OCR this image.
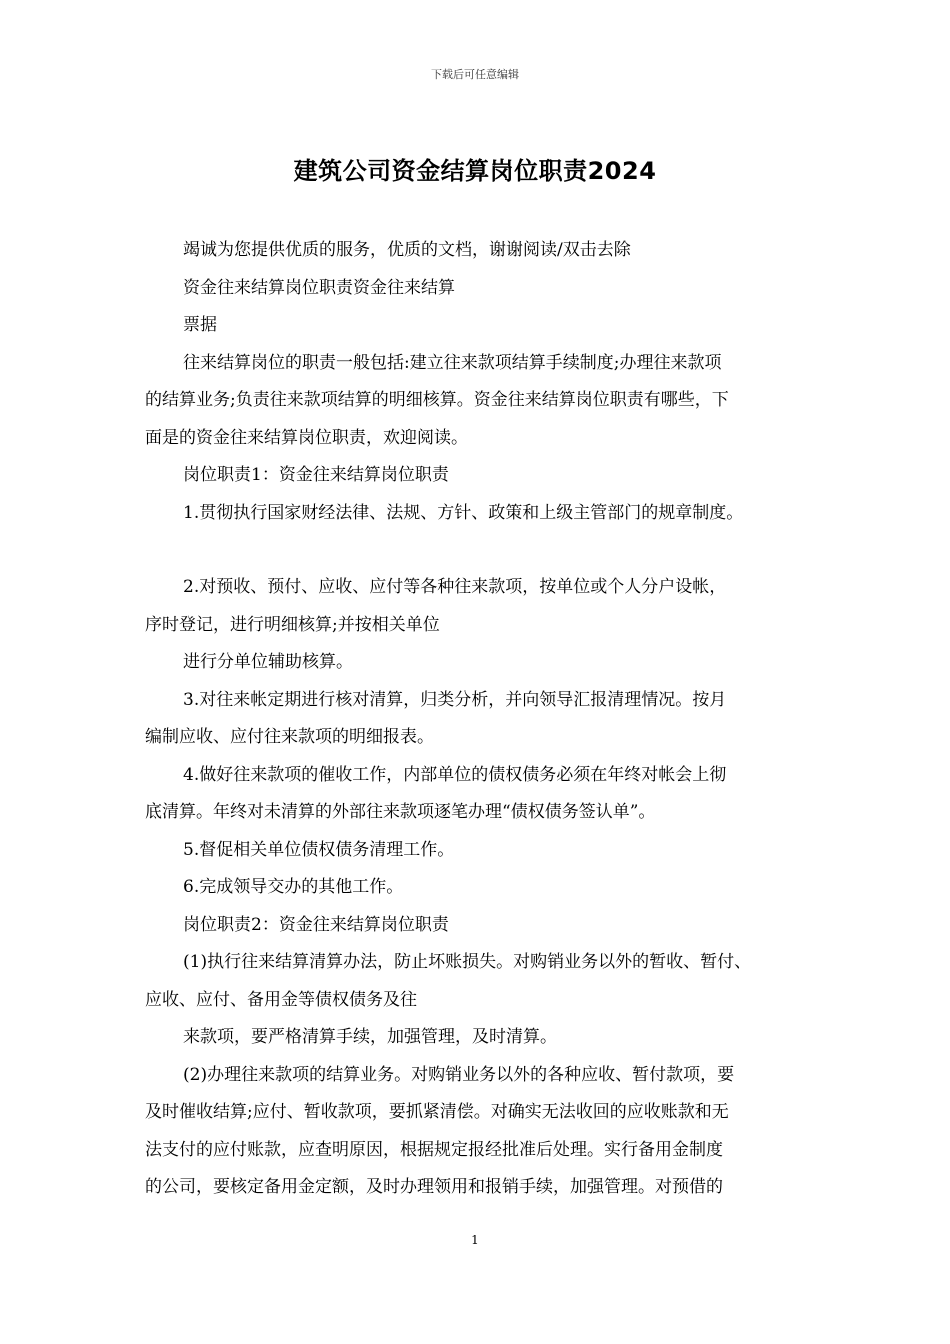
下载后可任意编辑
建筑公司资金结算岗位职责2024

竭诚为您提供优质的服务，优质的文档，谢谢阅读/双击去除

资金往来结算岗位职责资金往来结算

票据

往来结算岗位的职责一般包括:建立往来款项结算手续制度;办理往来款项

的结算业务;负责往来款项结算的明细核算。资金往来结算岗位职责有哪些，下

面是的资金往来结算岗位职责，欢迎阅读。

岗位职责1：资金往来结算岗位职责

1.贯彻执行国家财经法律、法规、方针、政策和上级主管部门的规章制度。

2.对预收、预付、应收、应付等各种往来款项，按单位或个人分户设帐，

序时登记，进行明细核算;并按相关单位

进行分单位辅助核算。

3.对往来帐定期进行核对清算，归类分析，并向领导汇报清理情况。按月

编制应收、应付往来款项的明细报表。

4.做好往来款项的催收工作，内部单位的债权债务必须在年终对帐会上彻

底清算。年终对未清算的外部往来款项逐笔办理“债权债务签认单”。

5.督促相关单位债权债务清理工作。

6.完成领导交办的其他工作。

岗位职责2：资金往来结算岗位职责

(1)执行往来结算清算办法，防止坏账损失。对购销业务以外的暂收、暂付、

应收、应付、备用金等债权债务及往

来款项，要严格清算手续，加强管理，及时清算。

(2)办理往来款项的结算业务。对购销业务以外的各种应收、暂付款项，要

及时催收结算;应付、暂收款项，要抓紧清偿。对确实无法收回的应收账款和无

法支付的应付账款，应查明原因，根据规定报经批准后处理。实行备用金制度

的公司，要核定备用金定额，及时办理领用和报销手续，加强管理。对预借的

1
